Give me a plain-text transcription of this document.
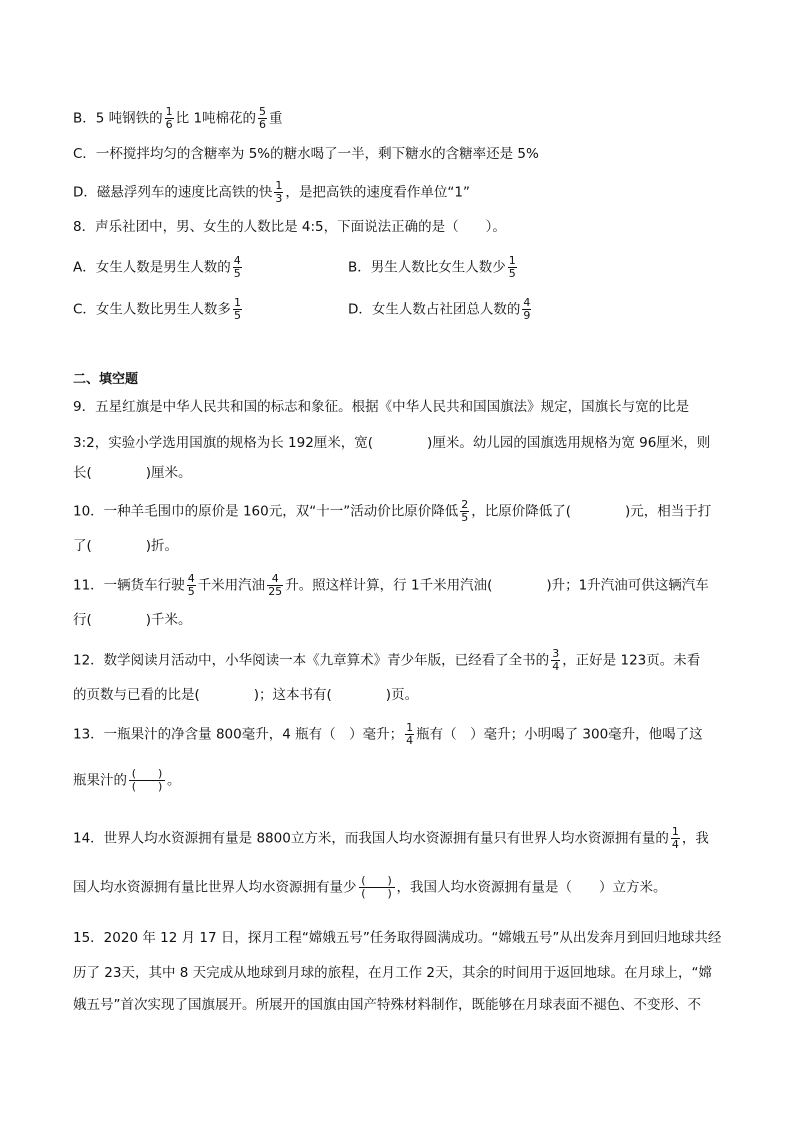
B．5 吨钢铁的 $\frac{1}{6}$ 比 1吨棉花的 $\frac{5}{6}$ 重
C．一杯搅拌均匀的含糖率为 5%的糖水喝了一半，剩下糖水的含糖率还是 5%
D．磁悬浮列车的速度比高铁的快 $\frac{1}{3}$ ，是把高铁的速度看作单位“1”
8．声乐社团中，男、女生的人数比是 4:5，下面说法正确的是（　　）。
A．女生人数是男生人数的 $\frac{4}{5}$	B．男生人数比女生人数少 $\frac{1}{5}$
C．女生人数比男生人数多 $\frac{1}{5}$	D．女生人数占社团总人数的 $\frac{4}{9}$
二、填空题
9．五星红旗是中华人民共和国的标志和象征。根据《中华人民共和国国旗法》规定，国旗长与宽的比是
3:2，实验小学选用国旗的规格为长 192厘米，宽(　　　　)厘米。幼儿园的国旗选用规格为宽 96厘米，则
长(　　　　)厘米。
10．一种羊毛围巾的原价是 160元，双“十一”活动价比原价降低 $\frac{2}{5}$ ，比原价降低了(　　　　)元，相当于打
了(　　　　)折。
11．一辆货车行驶 $\frac{4}{5}$ 千米用汽油 $\frac{4}{25}$ 升。照这样计算，行 1千米用汽油(　　　　)升；1升汽油可供这辆汽车
行(　　　　)千米。
12．数学阅读月活动中，小华阅读一本《九章算术》青少年版，已经看了全书的 $\frac{3}{4}$ ，正好是 123页。未看
的页数与已看的比是(　　　　)；这本书有(　　　　)页。
13．一瓶果汁的净含量 800毫升，4 瓶有（　）毫升； $\frac{1}{4}$ 瓶有（　）毫升；小明喝了 300毫升，他喝了这
瓶果汁的 $\frac{( )}{( )}$ 。
14．世界人均水资源拥有量是 8800立方米，而我国人均水资源拥有量只有世界人均水资源拥有量的 $\frac{1}{4}$ ，我
国人均水资源拥有量比世界人均水资源拥有量少 $\frac{( )}{( )}$ ，我国人均水资源拥有量是（　　）立方米。
15．2020 年 12 月 17 日，探月工程“嫦娥五号”任务取得圆满成功。“嫦娥五号”从出发奔月到回归地球共经
历了 23天，其中 8 天完成从地球到月球的旅程，在月工作 2天，其余的时间用于返回地球。在月球上，“嫦
娥五号”首次实现了国旗展开。所展开的国旗由国产特殊材料制作，既能够在月球表面不褪色、不变形、不
